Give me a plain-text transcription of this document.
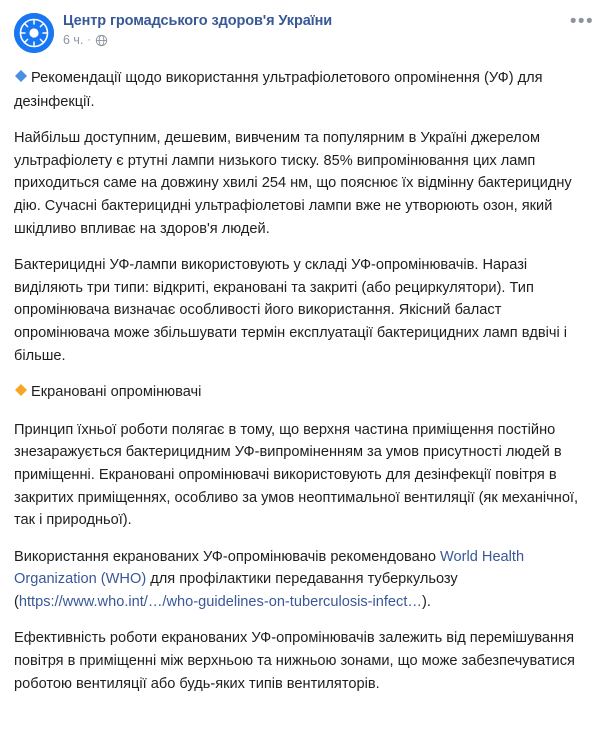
Центр громадського здоров'я України
6 ч. ·
•••

Рекомендації щодо використання ультрафіолетового опромінення (УФ) для дезінфекції.

Найбільш доступним, дешевим, вивченим та популярним в Україні джерелом ультрафіолету є ртутні лампи низького тиску. 85% випромінювання цих ламп приходиться саме на довжину хвилі 254 нм, що пояснює їх відмінну бактерицидну дію. Сучасні бактерицидні ультрафіолетові лампи вже не утворюють озон, який шкідливо впливає на здоров'я людей.

Бактерицидні УФ-лампи використовують у складі УФ-опромінювачів. Наразі виділяють три типи: відкриті, екрановані та закриті (або рециркулятори). Тип опромінювача визначає особливості його використання. Якісний баласт опромінювача може збільшувати термін експлуатації бактерицидних ламп вдвічі і більше.

Екрановані опромінювачі

Принцип їхньої роботи полягає в тому, що верхня частина приміщення постійно знезаражується бактерицидним УФ-випроміненням за умов присутності людей в приміщенні. Екрановані опромінювачі використовують для дезінфекції повітря в закритих приміщеннях, особливо за умов неоптимальної вентиляції (як механічної, так і природньої).

Використання екранованих УФ-опромінювачів рекомендовано World Health Organization (WHO) для профілактики передавання туберкульозу (https://www.who.int/…/who-guidelines-on-tuberculosis-infect…).

Ефективність роботи екранованих УФ-опромінювачів залежить від перемішування повітря в приміщенні між верхньою та нижньою зонами, що може забезпечуватися роботою вентиляції або будь-яких типів вентиляторів.
